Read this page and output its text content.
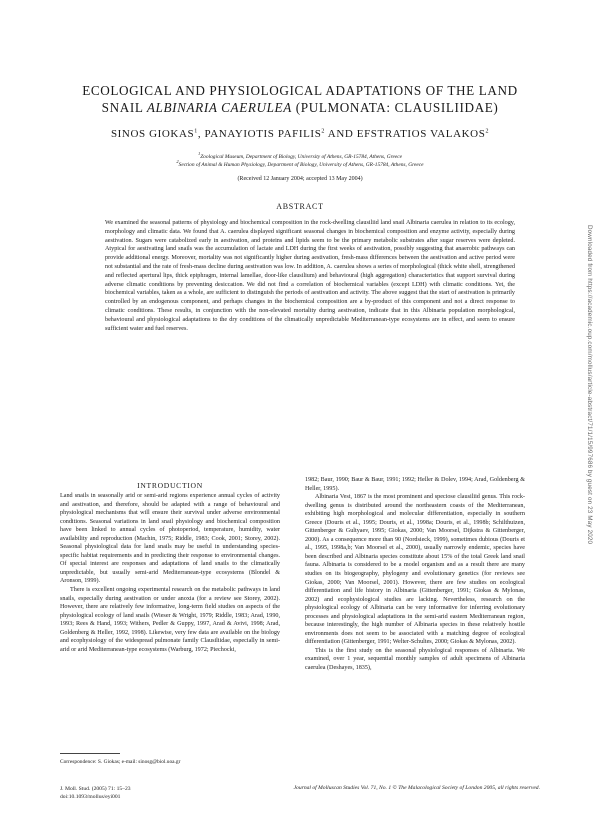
ECOLOGICAL AND PHYSIOLOGICAL ADAPTATIONS OF THE LAND
SNAIL ALBINARIA CAERULEA (PULMONATA: CLAUSILIIDAE)
SINOS GIOKAS$^1$, PANAYIOTIS PAFILIS$^2$ AND EFSTRATIOS VALAKOS$^2$
$^1$Zoological Museum, Department of Biology, University of Athens, GR-15784, Athens, Greece
$^2$Section of Animal & Human Physiology, Department of Biology, University of Athens, GR-15784, Athens, Greece
(Received 12 January 2004; accepted 13 May 2004)
ABSTRACT

We examined the seasonal patterns of physiology and biochemical composition in the rock-dwelling clausiliid land snail Albinaria caerulea in relation to its ecology, morphology and climatic data. We found that A. caerulea displayed significant seasonal changes in biochemical composition and enzyme activity, especially during aestivation. Sugars were catabolized early in aestivation, and proteins and lipids seem to be the primary metabolic substrates after sugar reserves were depleted. Atypical for aestivating land snails was the accumulation of lactate and LDH during the first weeks of aestivation, possibly suggesting that anaerobic pathways can provide additional energy. Moreover, mortality was not significantly higher during aestivation, fresh-mass differences between the aestivation and active period were not substantial and the rate of fresh-mass decline during aestivation was low. In addition, A. caerulea shows a series of morphological (thick white shell, strengthened and reflected apertural lips, thick epiphragm, internal lamellae, door-like clausilium) and behavioural (high aggregation) characteristics that support survival during adverse climatic conditions by preventing desiccation. We did not find a correlation of biochemical variables (except LDH) with climatic conditions. Yet, the biochemical variables, taken as a whole, are sufficient to distinguish the periods of aestivation and activity. The above suggest that the start of aestivation is primarily controlled by an endogenous component, and perhaps changes in the biochemical composition are a by-product of this component and not a direct response to climatic conditions. These results, in conjunction with the non-elevated mortality during aestivation, indicate that in this Albinaria population morphological, behavioural and physiological adaptations to the dry conditions of the climatically unpredictable Mediterranean-type ecosystems are in effect, and seem to ensure sufficient water and fuel reserves.

INTRODUCTION

Land snails in seasonally arid or semi-arid regions experience annual cycles of activity and aestivation, and therefore, should be adapted with a range of behavioural and physiological mechanisms that will ensure their survival under adverse environmental conditions. Seasonal variations in land snail physiology and biochemical composition have been linked to annual cycles of photoperiod, temperature, humidity, water availability and reproduction (Machin, 1975; Riddle, 1983; Cook, 2001; Storey, 2002). Seasonal physiological data for land snails may be useful in understanding species-specific habitat requirements and in predicting their response to environmental changes. Of special interest are responses and adaptations of land snails to the climatically unpredictable, but usually semi-arid Mediterranean-type ecosystems (Blondel & Aronson, 1999).

There is excellent ongoing experimental research on the metabolic pathways in land snails, especially during aestivation or under anoxia (for a review see Storey, 2002). However, there are relatively few informative, long-term field studies on aspects of the physiological ecology of land snails (Wieser & Wright, 1979; Riddle, 1983; Arad, 1990, 1993; Rees & Hand, 1993; Withers, Pedler & Guppy, 1997, Arad & Avivi, 1998; Arad, Goldenberg & Heller, 1992, 1998). Likewise, very few data are available on the biology and ecophysiology of the widespread pulmonate family Clausiliidae, especially in semi-arid or arid Mediterranean-type ecosystems (Warburg, 1972; Piechocki,

1982; Baur, 1990; Baur & Baur, 1991; 1992; Heller & Dolev, 1994; Arad, Goldenberg & Heller, 1995).

Albinaria Vest, 1867 is the most prominent and speciose clausiliid genus. This rock-dwelling genus is distributed around the northeastern coasts of the Mediterranean, exhibiting high morphological and molecular differentiation, especially in southern Greece (Douris et al., 1995; Douris, et al., 1998a; Douris, et al., 1998b; Schilthuizen, Gittenberger & Gultyaev, 1995; Giokas, 2000; Van Moorsel, Dijkstra & Gittenberger, 2000). As a consequence more than 90 (Nordsieck, 1999), sometimes dubious (Douris et al., 1995, 1998a,b; Van Moorsel et al., 2000), usually narrowly endemic, species have been described and Albinaria species constitute about 15% of the total Greek land snail fauna. Albinaria is considered to be a model organism and as a result there are many studies on its biogeography, phylogeny and evolutionary genetics (for reviews see Giokas, 2000; Van Moorsel, 2001). However, there are few studies on ecological differentiation and life history in Albinaria (Gittenberger, 1991; Giokas & Mylonas, 2002) and ecophysiological studies are lacking. Nevertheless, research on the physiological ecology of Albinaria can be very informative for inferring evolutionary processes and physiological adaptations in the semi-arid eastern Mediterranean region, because interestingly, the high number of Albinaria species in these relatively hostile environments does not seem to be associated with a matching degree of ecological differentiation (Gittenberger, 1991; Welter-Schultes, 2000; Giokas & Mylonas, 2002).

This is the first study on the seasonal physiological responses of Albinaria. We examined, over 1 year, sequential monthly samples of adult specimens of Albinaria caerulea (Deshayes, 1835),

Correspondence: S. Giokas; e-mail: sinosg@biol.uoa.gr
J. Moll. Stud. (2005) 71: 15–23
doi:10.1093/mollus/eyi001
Journal of Molluscan Studies Vol. 71, No. 1 © The Malacological Society of London 2005, all rights reserved.
Downloaded from https://academic.oup.com/mollus/article-abstract/71/1/15/997686 by guest on 23 May 2020
